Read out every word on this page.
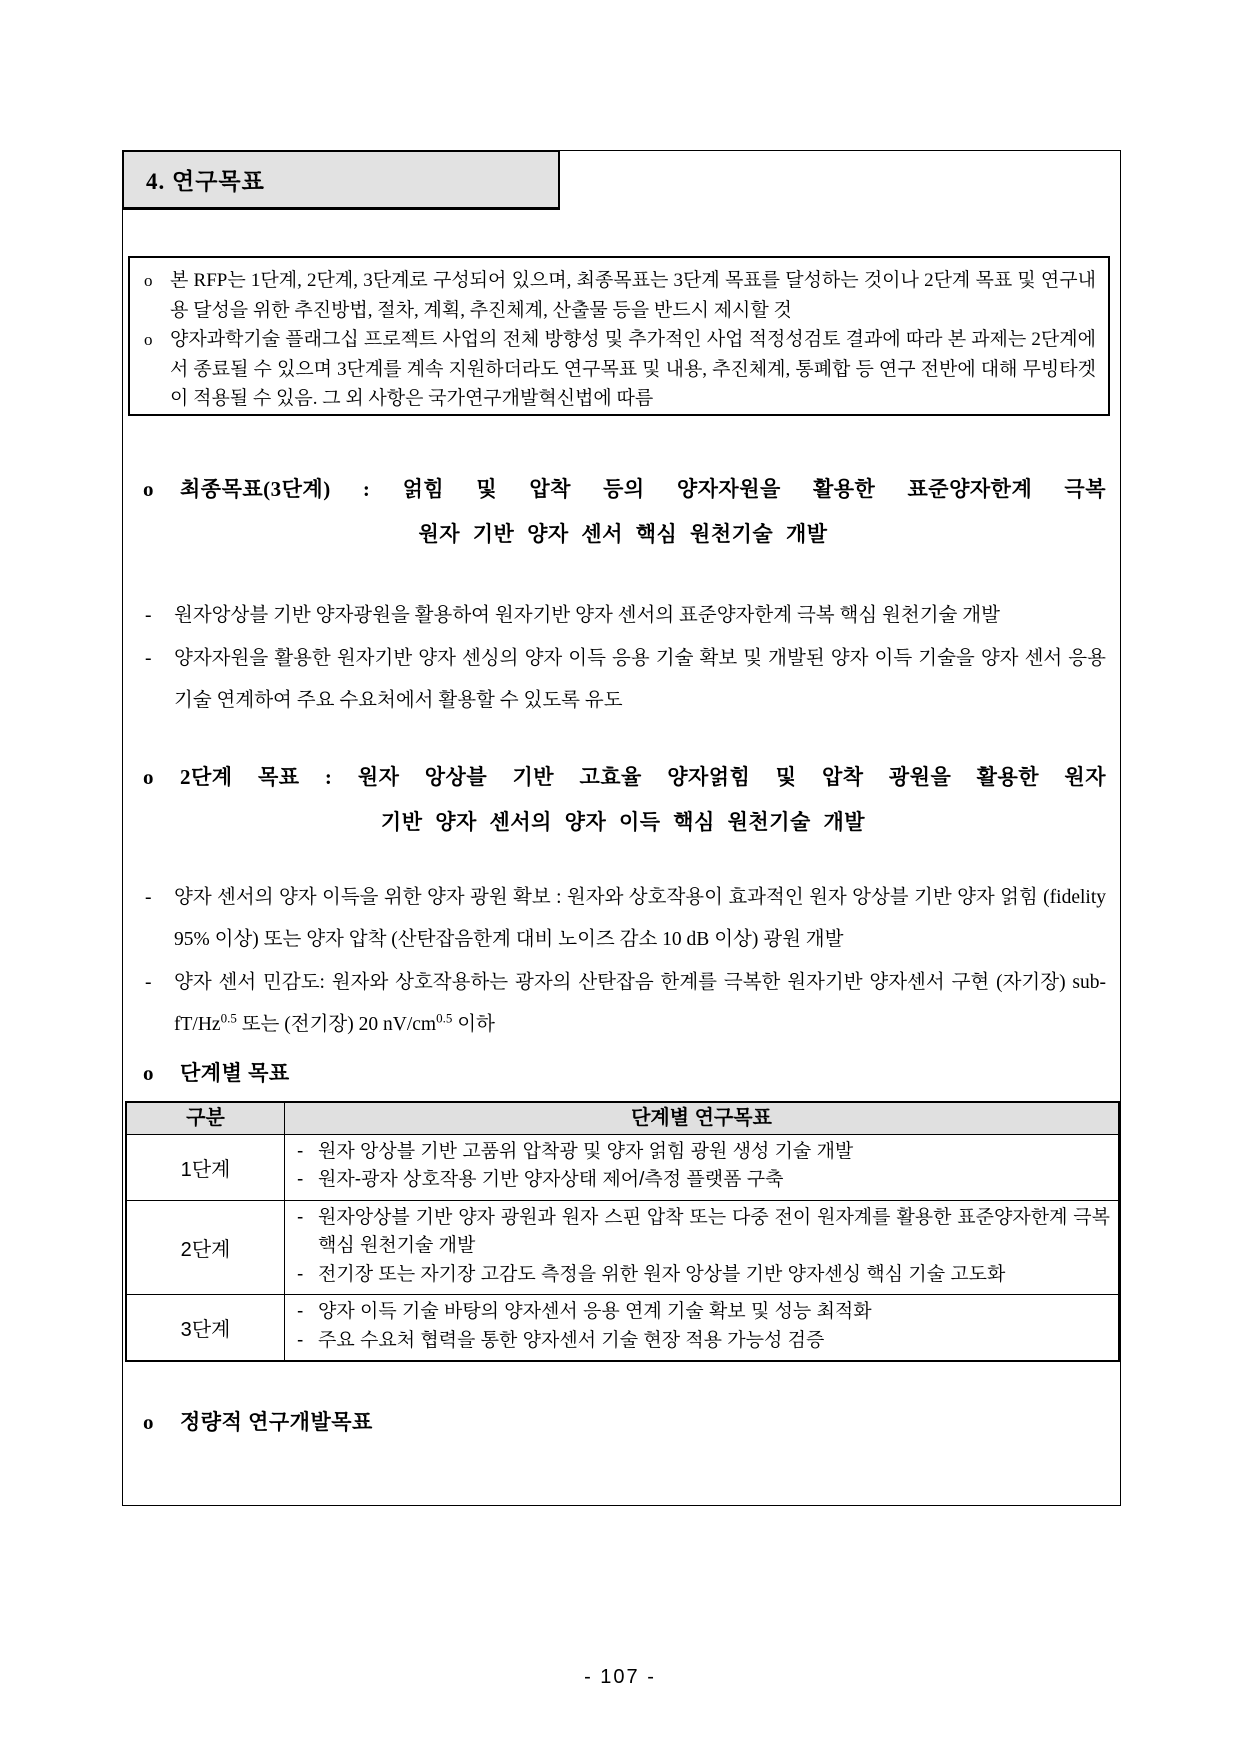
4. 연구목표
o 본 RFP는 1단계, 2단계, 3단계로 구성되어 있으며, 최종목표는 3단계 목표를 달성하는 것이나 2단계 목표 및 연구내용 달성을 위한 추진방법, 절차, 계획, 추진체계, 산출물 등을 반드시 제시할 것
o 양자과학기술 플래그십 프로젝트 사업의 전체 방향성 및 추가적인 사업 적정성검토 결과에 따라 본 과제는 2단계에서 종료될 수 있으며 3단계를 계속 지원하더라도 연구목표 및 내용, 추진체계, 통폐합 등 연구 전반에 대해 무빙타겟이 적용될 수 있음. 그 외 사항은 국가연구개발혁신법에 따름
o	최종목표(3단계) : 얽힘 및 압착 등의 양자자원을 활용한 표준양자한계 극복
원자 기반 양자 센서 핵심 원천기술 개발
-	원자앙상블 기반 양자광원을 활용하여 원자기반 양자 센서의 표준양자한계 극복 핵심 원천기술 개발
-	양자자원을 활용한 원자기반 양자 센싱의 양자 이득 응용 기술 확보 및 개발된 양자 이득 기술을 양자 센서 응용 기술 연계하여 주요 수요처에서 활용할 수 있도록 유도
o	2단계 목표 : 원자 앙상블 기반 고효율 양자얽힘 및 압착 광원을 활용한 원자
기반 양자 센서의 양자 이득 핵심 원천기술 개발
-	양자 센서의 양자 이득을 위한 양자 광원 확보 : 원자와 상호작용이 효과적인 원자 앙상블 기반 양자 얽힘 (fidelity 95% 이상) 또는 양자 압착 (산탄잡음한계 대비 노이즈 감소 10 dB 이상) 광원 개발
-	양자 센서 민감도: 원자와 상호작용하는 광자의 산탄잡음 한계를 극복한 원자기반 양자센서 구현 (자기장) sub-$fT/Hz^{0.5}$ 또는 (전기장) 20 $nV/cm^{0.5}$ 이하
o	단계별 목표
구분	단계별 연구목표
1단계
- 원자 앙상블 기반 고품위 압착광 및 양자 얽힘 광원 생성 기술 개발
- 원자-광자 상호작용 기반 양자상태 제어/측정 플랫폼 구축
2단계
- 원자앙상블 기반 양자 광원과 원자 스핀 압착 또는 다중 전이 원자계를 활용한 표준양자한계 극복 핵심 원천기술 개발
- 전기장 또는 자기장 고감도 측정을 위한 원자 앙상블 기반 양자센싱 핵심 기술 고도화
3단계
- 양자 이득 기술 바탕의 양자센서 응용 연계 기술 확보 및 성능 최적화
- 주요 수요처 협력을 통한 양자센서 기술 현장 적용 가능성 검증
o	정량적 연구개발목표
- 107 -
